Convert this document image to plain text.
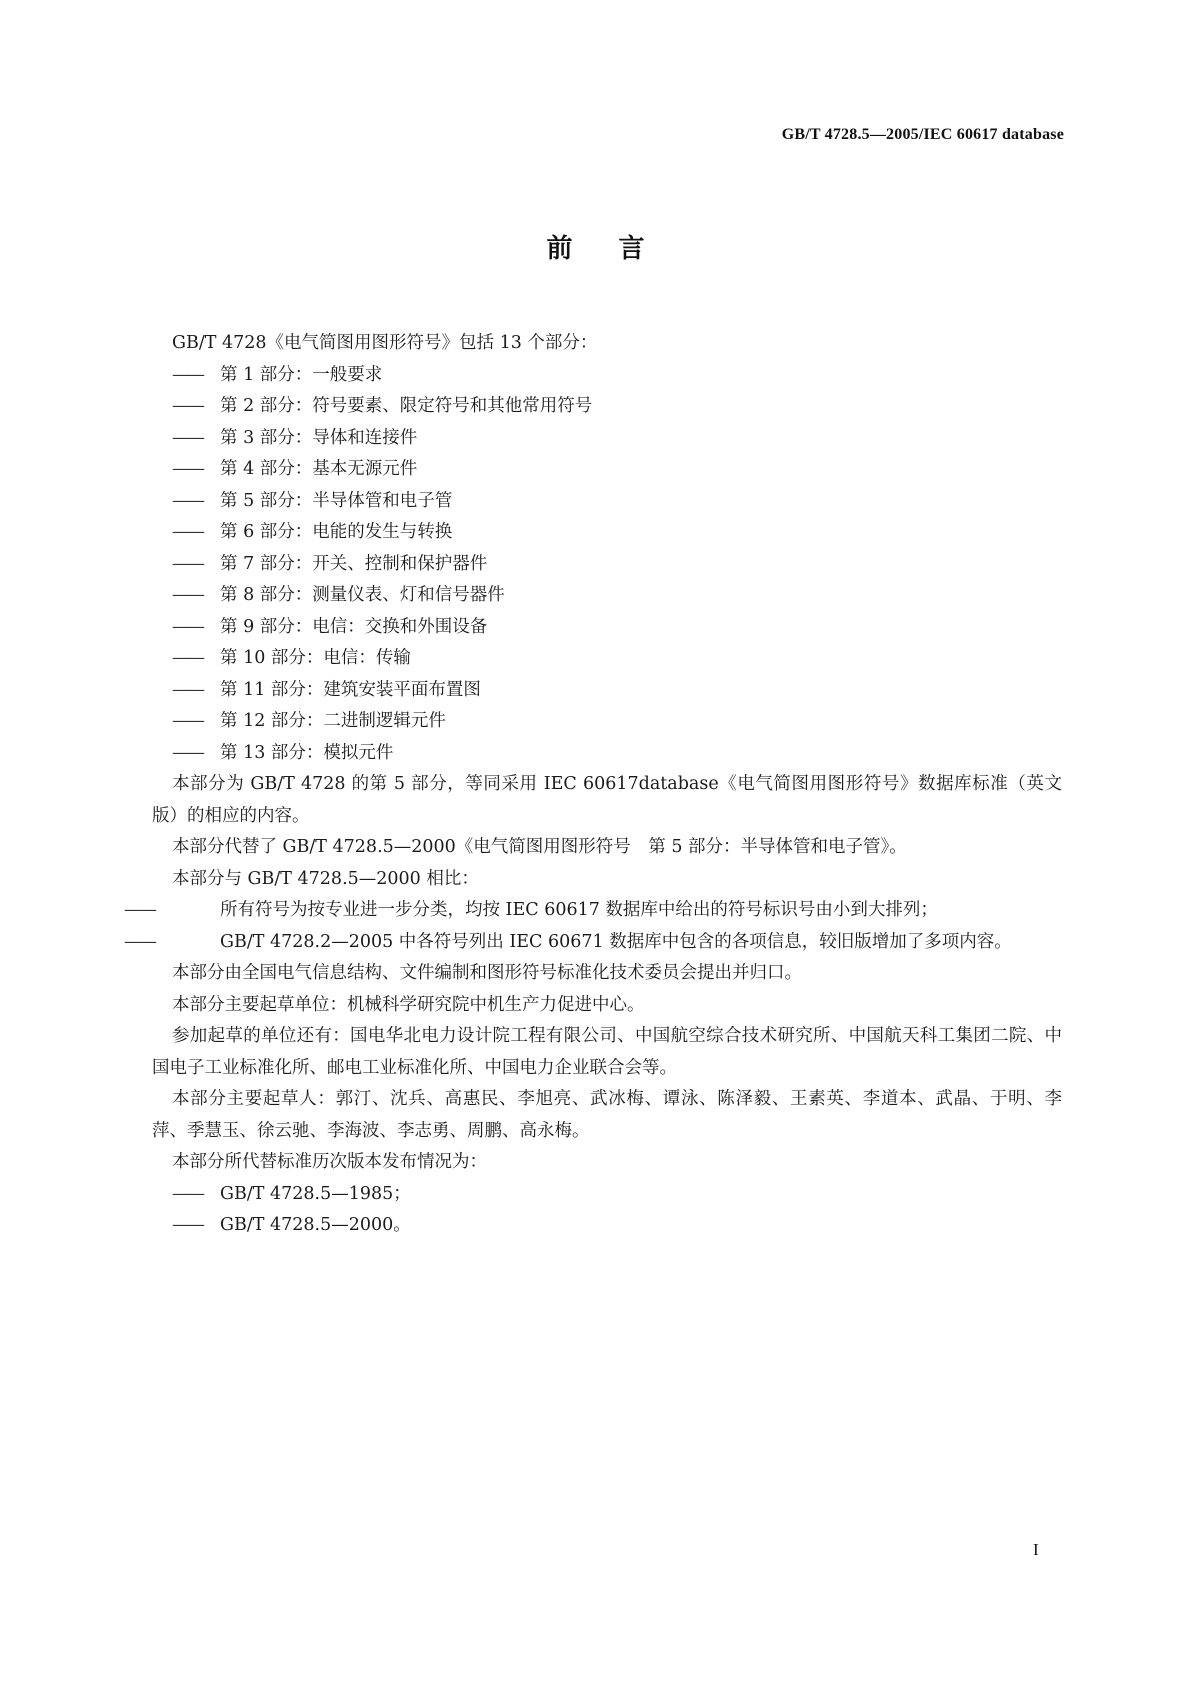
GB/T 4728.5—2005/IEC 60617 database
前言

GB/T 4728《电气简图用图形符号》包括 13 个部分：

—— 第 1 部分：一般要求

—— 第 2 部分：符号要素、限定符号和其他常用符号

—— 第 3 部分：导体和连接件

—— 第 4 部分：基本无源元件

—— 第 5 部分：半导体管和电子管

—— 第 6 部分：电能的发生与转换

—— 第 7 部分：开关、控制和保护器件

—— 第 8 部分：测量仪表、灯和信号器件

—— 第 9 部分：电信：交换和外围设备

—— 第 10 部分：电信：传输

—— 第 11 部分：建筑安装平面布置图

—— 第 12 部分：二进制逻辑元件

—— 第 13 部分：模拟元件

本部分为 GB/T 4728 的第 5 部分，等同采用 IEC 60617database《电气简图用图形符号》数据库标准（英文版）的相应的内容。

本部分代替了 GB/T 4728.5—2000《电气简图用图形符号　第 5 部分：半导体管和电子管》。

本部分与 GB/T 4728.5—2000 相比：

——	所有符号为按专业进一步分类，均按 IEC 60617 数据库中给出的符号标识号由小到大排列；

——	GB/T 4728.2—2005 中各符号列出 IEC 60671 数据库中包含的各项信息，较旧版增加了多项内容。

本部分由全国电气信息结构、文件编制和图形符号标准化技术委员会提出并归口。

本部分主要起草单位：机械科学研究院中机生产力促进中心。

参加起草的单位还有：国电华北电力设计院工程有限公司、中国航空综合技术研究所、中国航天科工集团二院、中国电子工业标准化所、邮电工业标准化所、中国电力企业联合会等。

本部分主要起草人：郭汀、沈兵、高惠民、李旭亮、武冰梅、谭泳、陈泽毅、王素英、李道本、武晶、于明、李萍、季慧玉、徐云驰、李海波、李志勇、周鹏、高永梅。

本部分所代替标准历次版本发布情况为：

—— GB/T 4728.5—1985；

—— GB/T 4728.5—2000。

I
